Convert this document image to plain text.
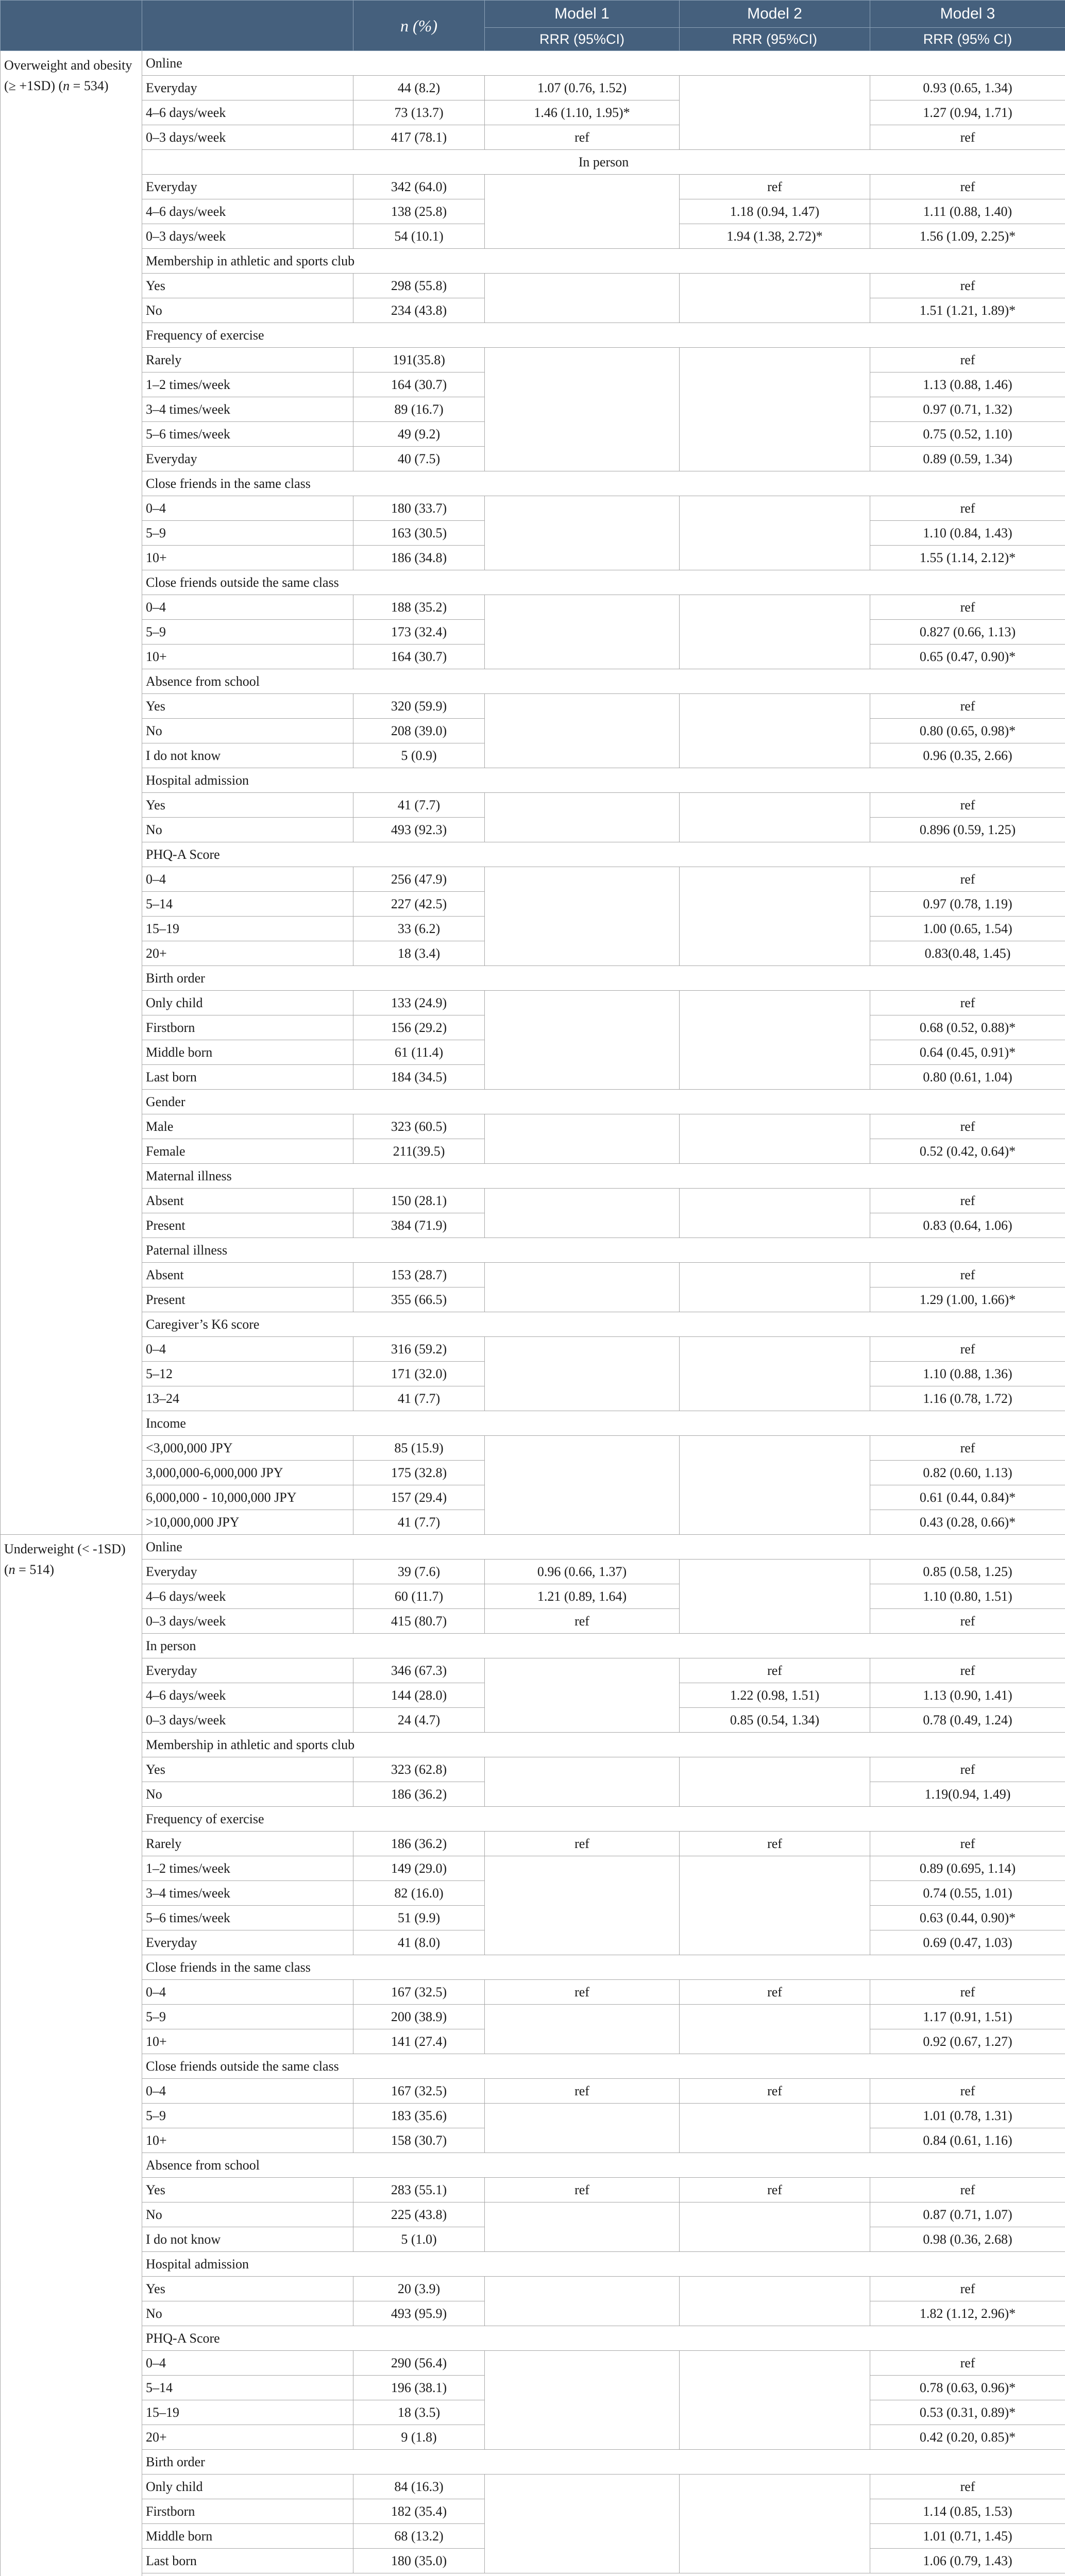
		n (%)	Model 1	Model 2	Model 3
			RRR (95%CI)	RRR (95%CI)	RRR (95% CI)
Overweight and obesity (≥ +1SD) (n = 534)	Online				
	Everyday	44 (8.2)	1.07 (0.76, 1.52)		0.93 (0.65, 1.34)
	4–6 days/week	73 (13.7)	1.46 (1.10, 1.95)*		1.27 (0.94, 1.71)
	0–3 days/week	417 (78.1)	ref		ref
	In person				
	Everyday	342 (64.0)		ref	ref
	4–6 days/week	138 (25.8)		1.18 (0.94, 1.47)	1.11 (0.88, 1.40)
	0–3 days/week	54 (10.1)		1.94 (1.38, 2.72)*	1.56 (1.09, 2.25)*
	Membership in athletic and sports club				
	Yes	298 (55.8)			ref
	No	234 (43.8)			1.51 (1.21, 1.89)*
	Frequency of exercise				
	Rarely	191(35.8)			ref
	1–2 times/week	164 (30.7)			1.13 (0.88, 1.46)
	3–4 times/week	89 (16.7)			0.97 (0.71, 1.32)
	5–6 times/week	49 (9.2)			0.75 (0.52, 1.10)
	Everyday	40 (7.5)			0.89 (0.59, 1.34)
	Close friends in the same class				
	0–4	180 (33.7)			ref
	5–9	163 (30.5)			1.10 (0.84, 1.43)
	10+	186 (34.8)			1.55 (1.14, 2.12)*
	Close friends outside the same class				
	0–4	188 (35.2)			ref
	5–9	173 (32.4)			0.827 (0.66, 1.13)
	10+	164 (30.7)			0.65 (0.47, 0.90)*
	Absence from school				
	Yes	320 (59.9)			ref
	No	208 (39.0)			0.80 (0.65, 0.98)*
	I do not know	5 (0.9)			0.96 (0.35, 2.66)
	Hospital admission				
	Yes	41 (7.7)			ref
	No	493 (92.3)			0.896 (0.59, 1.25)
	PHQ-A Score				
	0–4	256 (47.9)			ref
	5–14	227 (42.5)			0.97 (0.78, 1.19)
	15–19	33 (6.2)			1.00 (0.65, 1.54)
	20+	18 (3.4)			0.83(0.48, 1.45)
	Birth order				
	Only child	133 (24.9)			ref
	Firstborn	156 (29.2)			0.68 (0.52, 0.88)*
	Middle born	61 (11.4)			0.64 (0.45, 0.91)*
	Last born	184 (34.5)			0.80 (0.61, 1.04)
	Gender				
	Male	323 (60.5)			ref
	Female	211(39.5)			0.52 (0.42, 0.64)*
	Maternal illness				
	Absent	150 (28.1)			ref
	Present	384 (71.9)			0.83 (0.64, 1.06)
	Paternal illness				
	Absent	153 (28.7)			ref
	Present	355 (66.5)			1.29 (1.00, 1.66)*
	Caregiver’s K6 score				
	0–4	316 (59.2)			ref
	5–12	171 (32.0)			1.10 (0.88, 1.36)
	13–24	41 (7.7)			1.16 (0.78, 1.72)
	Income				
	<3,000,000 JPY	85 (15.9)			ref
	3,000,000-6,000,000 JPY	175 (32.8)			0.82 (0.60, 1.13)
	6,000,000 - 10,000,000 JPY	157 (29.4)			0.61 (0.44, 0.84)*
	>10,000,000 JPY	41 (7.7)			0.43 (0.28, 0.66)*
Underweight (< -1SD) (n = 514)	Online				
	Everyday	39 (7.6)	0.96 (0.66, 1.37)		0.85 (0.58, 1.25)
	4–6 days/week	60 (11.7)	1.21 (0.89, 1.64)		1.10 (0.80, 1.51)
	0–3 days/week	415 (80.7)	ref		ref
	In person				
	Everyday	346 (67.3)		ref	ref
	4–6 days/week	144 (28.0)		1.22 (0.98, 1.51)	1.13 (0.90, 1.41)
	0–3 days/week	24 (4.7)		0.85 (0.54, 1.34)	0.78 (0.49, 1.24)
	Membership in athletic and sports club				
	Yes	323 (62.8)			ref
	No	186 (36.2)			1.19(0.94, 1.49)
	Frequency of exercise				
	Rarely	186 (36.2)	ref	ref	ref
	1–2 times/week	149 (29.0)			0.89 (0.695, 1.14)
	3–4 times/week	82 (16.0)			0.74 (0.55, 1.01)
	5–6 times/week	51 (9.9)			0.63 (0.44, 0.90)*
	Everyday	41 (8.0)			0.69 (0.47, 1.03)
	Close friends in the same class				
	0–4	167 (32.5)	ref	ref	ref
	5–9	200 (38.9)			1.17 (0.91, 1.51)
	10+	141 (27.4)			0.92 (0.67, 1.27)
	Close friends outside the same class				
	0–4	167 (32.5)	ref	ref	ref
	5–9	183 (35.6)			1.01 (0.78, 1.31)
	10+	158 (30.7)			0.84 (0.61, 1.16)
	Absence from school				
	Yes	283 (55.1)	ref	ref	ref
	No	225 (43.8)			0.87 (0.71, 1.07)
	I do not know	5 (1.0)			0.98 (0.36, 2.68)
	Hospital admission				
	Yes	20 (3.9)			ref
	No	493 (95.9)			1.82 (1.12, 2.96)*
	PHQ-A Score				
	0–4	290 (56.4)			ref
	5–14	196 (38.1)			0.78 (0.63, 0.96)*
	15–19	18 (3.5)			0.53 (0.31, 0.89)*
	20+	9 (1.8)			0.42 (0.20, 0.85)*
	Birth order				
	Only child	84 (16.3)			ref
	Firstborn	182 (35.4)			1.14 (0.85, 1.53)
	Middle born	68 (13.2)			1.01 (0.71, 1.45)
	Last born	180 (35.0)			1.06 (0.79, 1.43)
